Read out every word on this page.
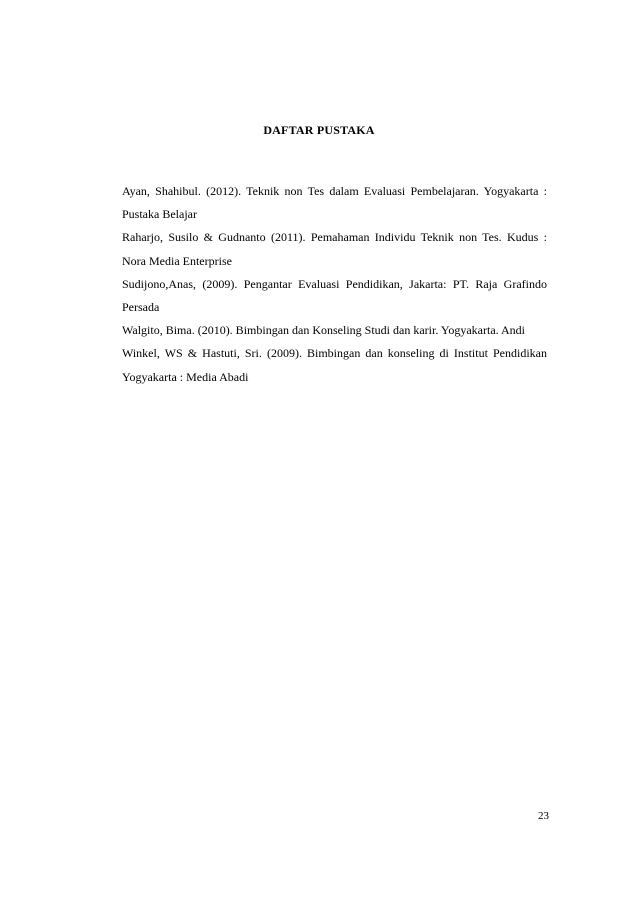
DAFTAR PUSTAKA
Ayan, Shahibul. (2012). Teknik non Tes dalam Evaluasi Pembelajaran. Yogyakarta : Pustaka Belajar
Raharjo, Susilo & Gudnanto (2011). Pemahaman Individu Teknik non Tes. Kudus : Nora Media Enterprise
Sudijono,Anas, (2009). Pengantar Evaluasi Pendidikan, Jakarta: PT. Raja Grafindo Persada
Walgito, Bima. (2010). Bimbingan dan Konseling Studi dan karir. Yogyakarta. Andi
Winkel, WS & Hastuti, Sri. (2009). Bimbingan dan konseling di Institut Pendidikan Yogyakarta : Media Abadi
23
